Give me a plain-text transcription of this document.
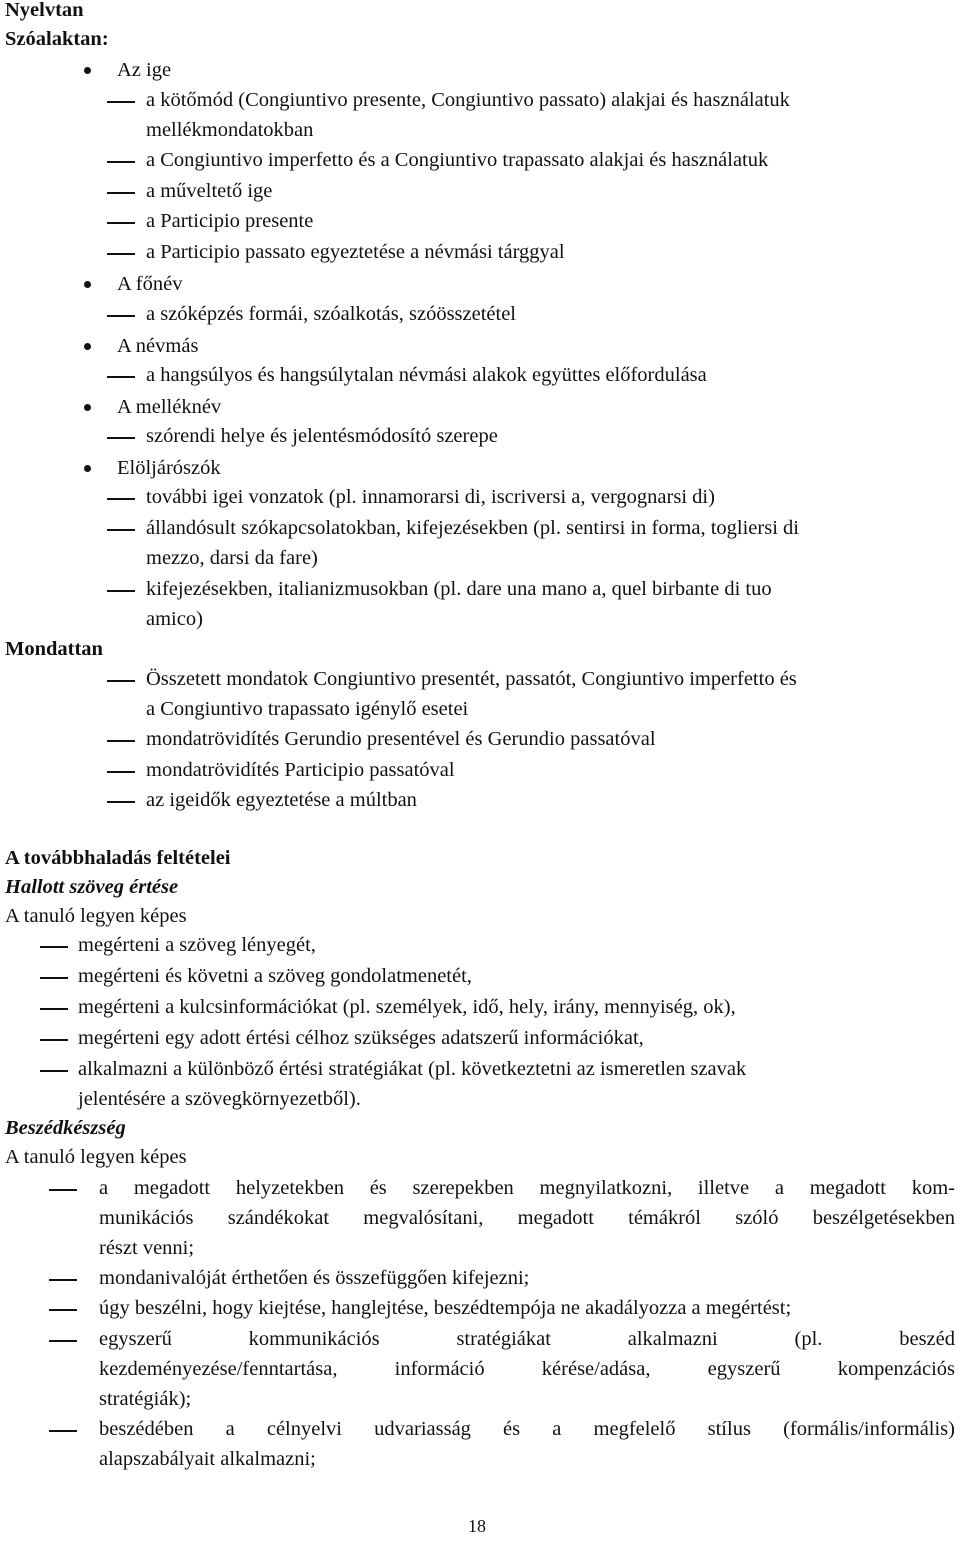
Nyelvtan
Szóalaktan:
Az ige
a kötőmód (Congiuntivo presente, Congiuntivo passato) alakjai és használatuk
mellékmondatokban
a Congiuntivo imperfetto és a Congiuntivo trapassato alakjai és használatuk
a műveltető ige
a Participio presente
a Participio passato egyeztetése a névmási tárggyal
A főnév
a szóképzés formái, szóalkotás, szóösszetétel
A névmás
a hangsúlyos és hangsúlytalan névmási alakok együttes előfordulása
A melléknév
szórendi helye és jelentésmódosító szerepe
Elöljárószók
további igei vonzatok (pl. innamorarsi di, iscriversi a, vergognarsi di)
állandósult szókapcsolatokban, kifejezésekben (pl. sentirsi in forma, togliersi di
mezzo, darsi da fare)
kifejezésekben, italianizmusokban (pl. dare una mano a, quel birbante di tuo
amico)
Mondattan
Összetett mondatok Congiuntivo presentét, passatót, Congiuntivo imperfetto és
a Congiuntivo trapassato igénylő esetei
mondatrövidítés Gerundio presentével és Gerundio passatóval
mondatrövidítés Participio passatóval
az igeidők egyeztetése a múltban
A továbbhaladás feltételei
Hallott szöveg értése
A tanuló legyen képes
megérteni a szöveg lényegét,
megérteni és követni a szöveg gondolatmenetét,
megérteni a kulcsinformációkat (pl. személyek, idő, hely, irány, mennyiség, ok),
megérteni egy adott értési célhoz szükséges adatszerű információkat,
alkalmazni a különböző értési stratégiákat (pl. következtetni az ismeretlen szavak
jelentésére a szövegkörnyezetből).
Beszédkészség
A tanuló legyen képes
a megadott helyzetekben és szerepekben megnyilatkozni, illetve a megadott kom-
munikációs szándékokat megvalósítani, megadott témákról szóló beszélgetésekben
részt venni;
mondanivalóját érthetően és összefüggően kifejezni;
úgy beszélni, hogy kiejtése, hanglejtése, beszédtempója ne akadályozza a megértést;
egyszerű kommunikációs stratégiákat alkalmazni (pl. beszéd
kezdeményezése/fenntartása, információ kérése/adása, egyszerű kompenzációs
stratégiák);
beszédében a célnyelvi udvariasság és a megfelelő stílus (formális/informális)
alapszabályait alkalmazni;
18
